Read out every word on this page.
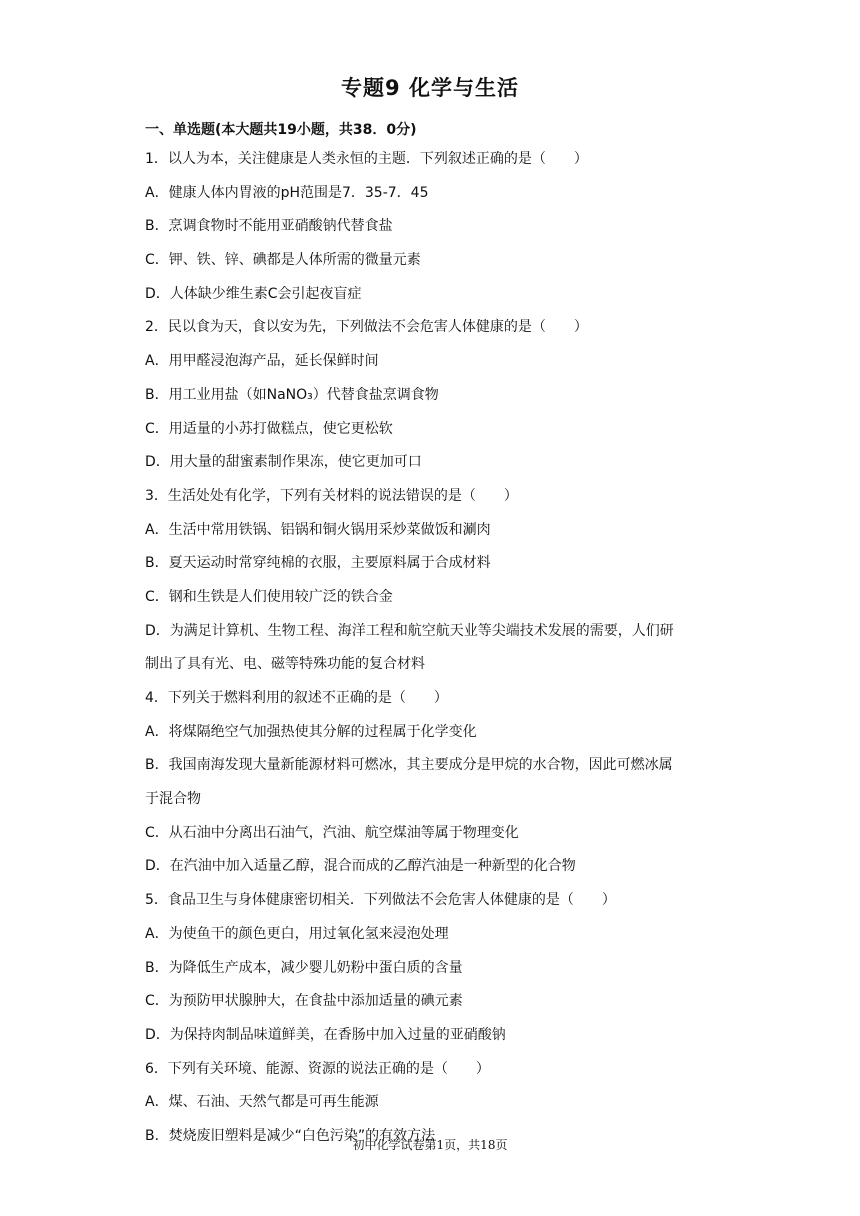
专题9 化学与生活
一、单选题(本大题共19小题，共38．0分)
1．以人为本，关注健康是人类永恒的主题．下列叙述正确的是（　　）
A．健康人体内胃液的pH范围是7．35-7．45
B．烹调食物时不能用亚硝酸钠代替食盐
C．钾、铁、锌、碘都是人体所需的微量元素
D．人体缺少维生素C会引起夜盲症
2．民以食为天，食以安为先，下列做法不会危害人体健康的是（　　）
A．用甲醛浸泡海产品，延长保鲜时间
B．用工业用盐（如NaNO₃）代替食盐烹调食物
C．用适量的小苏打做糕点，使它更松软
D．用大量的甜蜜素制作果冻，使它更加可口
3．生活处处有化学，下列有关材料的说法错误的是（　　）
A．生活中常用铁锅、铝锅和铜火锅用采炒菜做饭和涮肉
B．夏天运动时常穿纯棉的衣服，主要原料属于合成材料
C．钢和生铁是人们使用较广泛的铁合金
D．为满足计算机、生物工程、海洋工程和航空航天业等尖端技术发展的需要，人们研
制出了具有光、电、磁等特殊功能的复合材料
4．下列关于燃料利用的叙述不正确的是（　　）
A．将煤隔绝空气加强热使其分解的过程属于化学变化
B．我国南海发现大量新能源材料可燃冰，其主要成分是甲烷的水合物，因此可燃冰属
于混合物
C．从石油中分离出石油气，汽油、航空煤油等属于物理变化
D．在汽油中加入适量乙醇，混合而成的乙醇汽油是一种新型的化合物
5．食品卫生与身体健康密切相关．下列做法不会危害人体健康的是（　　）
A．为使鱼干的颜色更白，用过氧化氢来浸泡处理
B．为降低生产成本，减少婴儿奶粉中蛋白质的含量
C．为预防甲状腺肿大，在食盐中添加适量的碘元素
D．为保持肉制品味道鲜美，在香肠中加入过量的亚硝酸钠
6．下列有关环境、能源、资源的说法正确的是（　　）
A．煤、石油、天然气都是可再生能源
B．焚烧废旧塑料是减少“白色污染”的有效方法
初中化学试卷第1页，共18页
